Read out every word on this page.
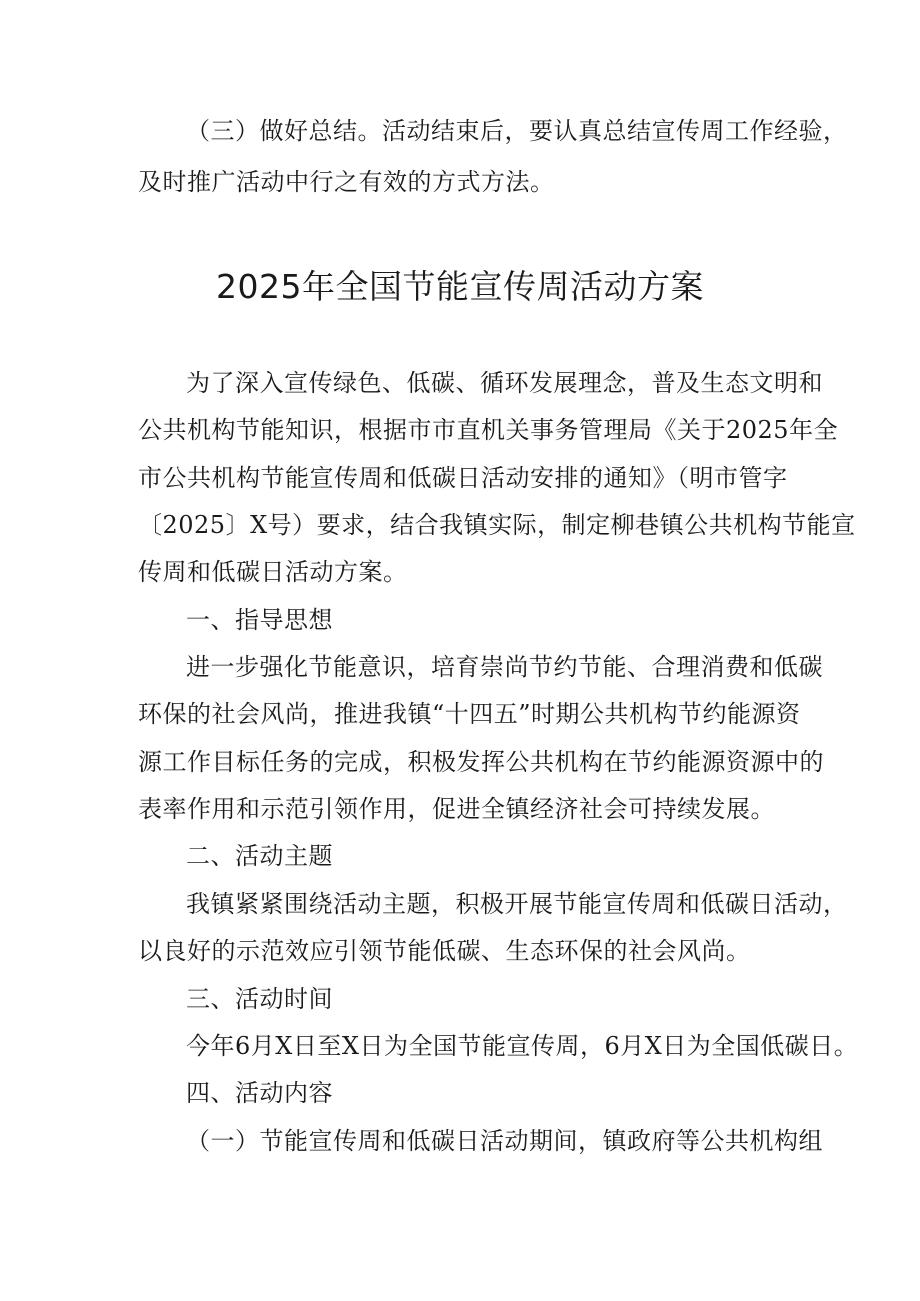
（三）做好总结。活动结束后，要认真总结宣传周工作经验，
及时推广活动中行之有效的方式方法。
2025年全国节能宣传周活动方案
为了深入宣传绿色、低碳、循环发展理念，普及生态文明和
公共机构节能知识，根据市市直机关事务管理局《关于2025年全
市公共机构节能宣传周和低碳日活动安排的通知》（明市管字
〔2025〕X号）要求，结合我镇实际，制定柳巷镇公共机构节能宣
传周和低碳日活动方案。
一、指导思想
进一步强化节能意识，培育崇尚节约节能、合理消费和低碳
环保的社会风尚，推进我镇“十四五”时期公共机构节约能源资
源工作目标任务的完成，积极发挥公共机构在节约能源资源中的
表率作用和示范引领作用，促进全镇经济社会可持续发展。
二、活动主题
我镇紧紧围绕活动主题，积极开展节能宣传周和低碳日活动，
以良好的示范效应引领节能低碳、生态环保的社会风尚。
三、活动时间
今年6月X日至X日为全国节能宣传周，6月X日为全国低碳日。
四、活动内容
（一）节能宣传周和低碳日活动期间，镇政府等公共机构组
